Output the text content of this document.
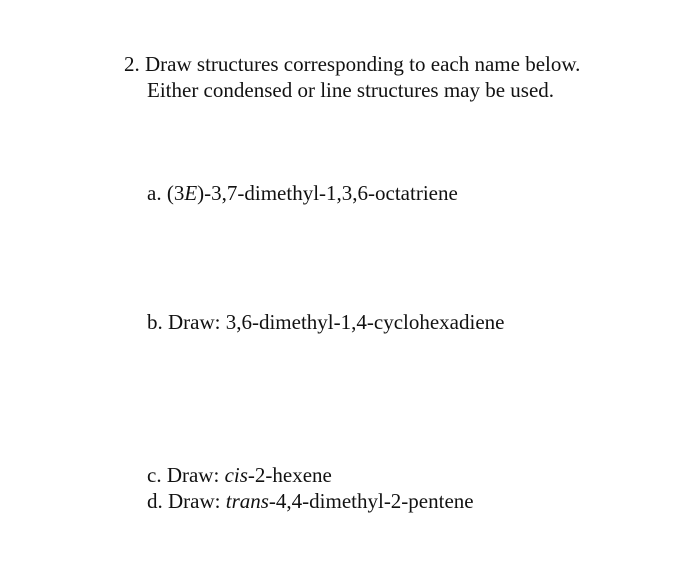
2. Draw structures corresponding to each name below.
Either condensed or line structures may be used.
a. (3E)-3,7-dimethyl-1,3,6-octatriene
b. Draw: 3,6-dimethyl-1,4-cyclohexadiene
c. Draw: cis-2-hexene
d. Draw: trans-4,4-dimethyl-2-pentene
